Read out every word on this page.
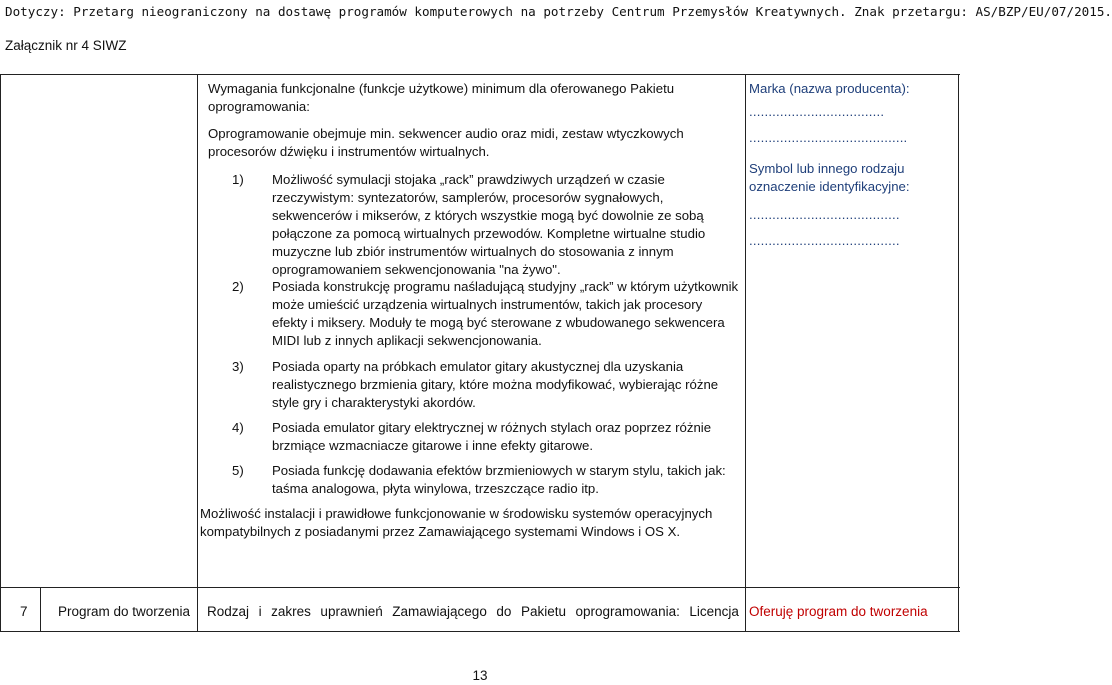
Dotyczy: Przetarg nieograniczony na dostawę programów komputerowych na potrzeby Centrum Przemysłów Kreatywnych. Znak przetargu: AS/BZP/EU/07/2015.
Załącznik nr 4 SIWZ
Wymagania funkcjonalne (funkcje użytkowe) minimum dla oferowanego Pakietu
oprogramowania:
Oprogramowanie obejmuje min. sekwencer audio oraz midi, zestaw wtyczkowych
procesorów dźwięku i instrumentów wirtualnych.
1) Możliwość symulacji stojaka „rack” prawdziwych urządzeń w czasie
rzeczywistym: syntezatorów, samplerów, procesorów sygnałowych,
sekwencerów i mikserów, z których wszystkie mogą być dowolnie ze sobą
połączone za pomocą wirtualnych przewodów. Kompletne wirtualne studio
muzyczne lub zbiór instrumentów wirtualnych do stosowania z innym
oprogramowaniem sekwencjonowania "na żywo".
2) Posiada konstrukcję programu naśladującą studyjny „rack” w którym użytkownik
może umieścić urządzenia wirtualnych instrumentów, takich jak procesory
efekty i miksery. Moduły te mogą być sterowane z wbudowanego sekwencera
MIDI lub z innych aplikacji sekwencjonowania.
3) Posiada oparty na próbkach emulator gitary akustycznej dla uzyskania
realistycznego brzmienia gitary, które można modyfikować, wybierając różne
style gry i charakterystyki akordów.
4) Posiada emulator gitary elektrycznej w różnych stylach oraz poprzez różnie
brzmiące wzmacniacze gitarowe i inne efekty gitarowe.
5) Posiada funkcję dodawania efektów brzmieniowych w starym stylu, takich jak:
taśma analogowa, płyta winylowa, trzeszczące radio itp.
Możliwość instalacji i prawidłowe funkcjonowanie w środowisku systemów operacyjnych
kompatybilnych z posiadanymi przez Zamawiającego systemami Windows i OS X.
Marka (nazwa producenta):
...................................
.........................................
Symbol lub innego rodzaju
oznaczenie identyfikacyjne:
.......................................
.......................................
7 Program do tworzenia Rodzaj i zakres uprawnień Zamawiającego do Pakietu oprogramowania: Licencja Oferuję program do tworzenia
13
